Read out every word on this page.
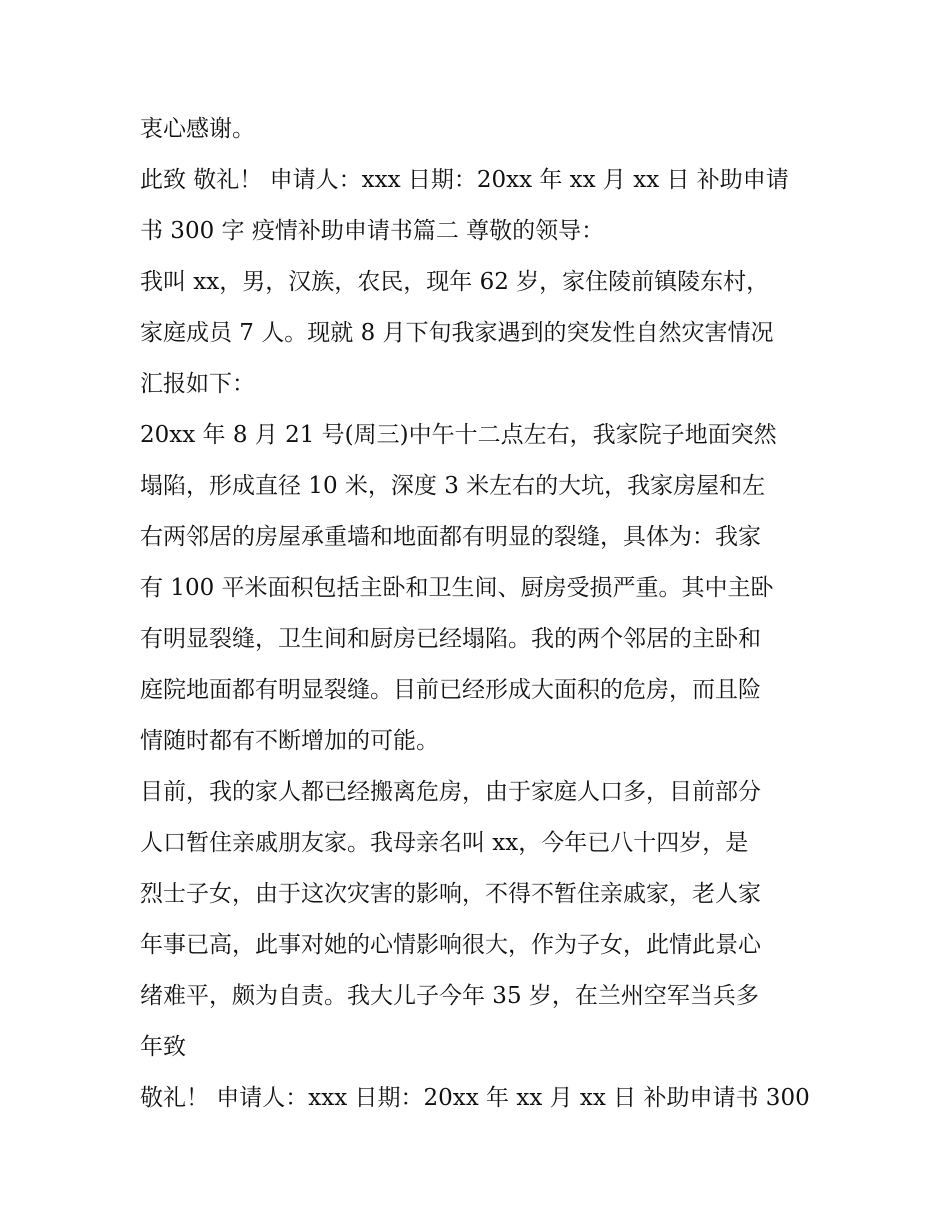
衷心感谢。
此致 敬礼！ 申请人：xxx 日期：20xx 年 xx 月 xx 日 补助申请
书 300 字 疫情补助申请书篇二 尊敬的领导：
我叫 xx，男，汉族，农民，现年 62 岁，家住陵前镇陵东村，
家庭成员 7 人。现就 8 月下旬我家遇到的突发性自然灾害情况
汇报如下：
20xx 年 8 月 21 号(周三)中午十二点左右，我家院子地面突然
塌陷，形成直径 10 米，深度 3 米左右的大坑，我家房屋和左
右两邻居的房屋承重墙和地面都有明显的裂缝，具体为：我家
有 100 平米面积包括主卧和卫生间、厨房受损严重。其中主卧
有明显裂缝，卫生间和厨房已经塌陷。我的两个邻居的主卧和
庭院地面都有明显裂缝。目前已经形成大面积的危房，而且险
情随时都有不断增加的可能。
目前，我的家人都已经搬离危房，由于家庭人口多，目前部分
人口暂住亲戚朋友家。我母亲名叫 xx，今年已八十四岁，是
烈士子女，由于这次灾害的影响，不得不暂住亲戚家，老人家
年事已高，此事对她的心情影响很大，作为子女，此情此景心
绪难平，颇为自责。我大儿子今年 35 岁，在兰州空军当兵多
年致
敬礼！ 申请人：xxx 日期：20xx 年 xx 月 xx 日 补助申请书 300
